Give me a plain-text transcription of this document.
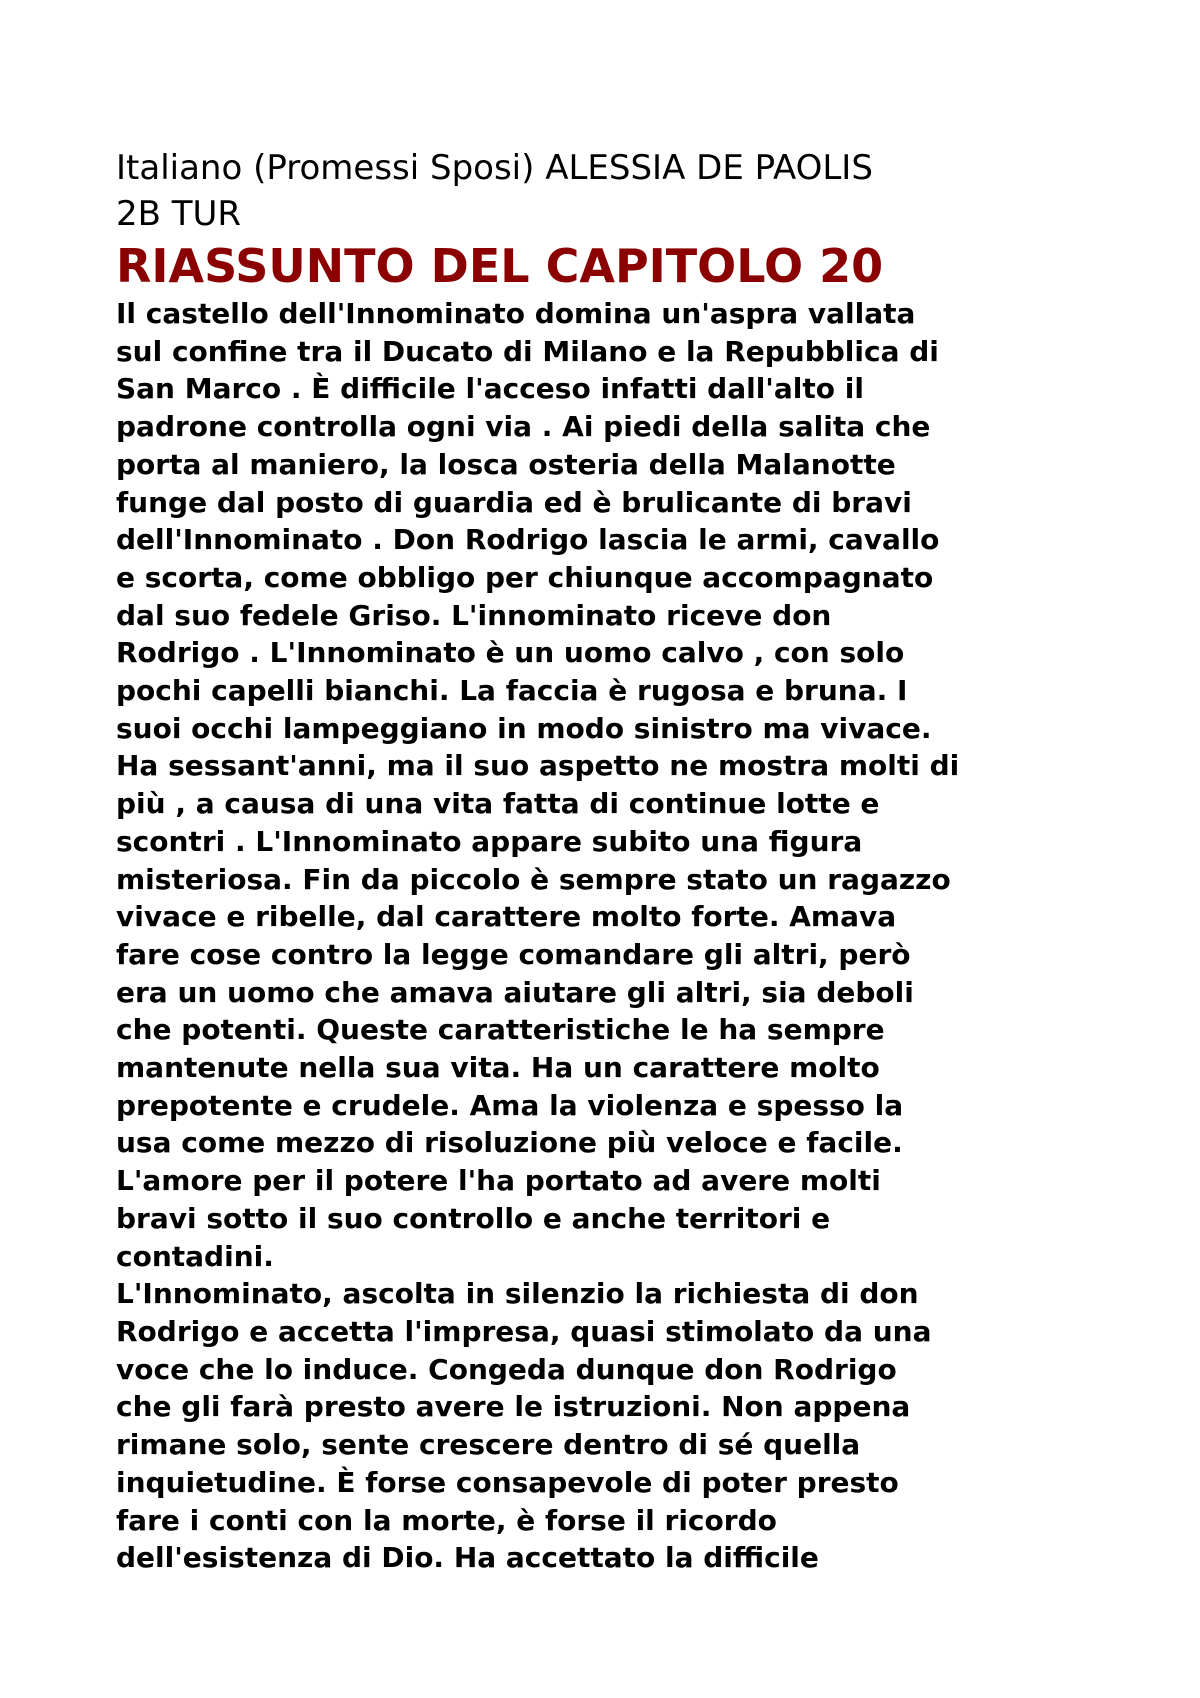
Italiano (Promessi Sposi) ALESSIA DE PAOLIS

2B TUR

RIASSUNTO DEL CAPITOLO 20
Il castello dell'Innominato domina un'aspra vallata
sul confine tra il Ducato di Milano e la Repubblica di
San Marco . È difficile l'acceso infatti dall'alto il
padrone controlla ogni via . Ai piedi della salita che
porta al maniero, la losca osteria della Malanotte
funge dal posto di guardia ed è brulicante di bravi
dell'Innominato . Don Rodrigo lascia le armi, cavallo
e scorta, come obbligo per chiunque accompagnato
dal suo fedele Griso. L'innominato riceve don
Rodrigo . L'Innominato è un uomo calvo , con solo
pochi capelli bianchi. La faccia è rugosa e bruna. I
suoi occhi lampeggiano in modo sinistro ma vivace.
Ha sessant'anni, ma il suo aspetto ne mostra molti di
più , a causa di una vita fatta di continue lotte e
scontri . L'Innominato appare subito una figura
misteriosa. Fin da piccolo è sempre stato un ragazzo
vivace e ribelle, dal carattere molto forte. Amava
fare cose contro la legge comandare gli altri, però
era un uomo che amava aiutare gli altri, sia deboli
che potenti. Queste caratteristiche le ha sempre
mantenute nella sua vita. Ha un carattere molto
prepotente e crudele. Ama la violenza e spesso la
usa come mezzo di risoluzione più veloce e facile.
L'amore per il potere l'ha portato ad avere molti
bravi sotto il suo controllo e anche territori e
contadini.
L'Innominato, ascolta in silenzio la richiesta di don
Rodrigo e accetta l'impresa, quasi stimolato da una
voce che lo induce. Congeda dunque don Rodrigo
che gli farà presto avere le istruzioni. Non appena
rimane solo, sente crescere dentro di sé quella
inquietudine. È forse consapevole di poter presto
fare i conti con la morte, è forse il ricordo
dell'esistenza di Dio. Ha accettato la difficile
